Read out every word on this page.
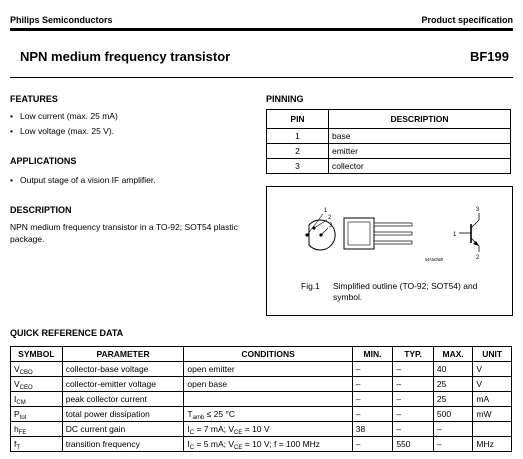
Philips Semiconductors	Product specification
NPN medium frequency transistor	BF199
FEATURES
• Low current (max. 25 mA)
• Low voltage (max. 25 V).
APPLICATIONS
• Output stage of a vision IF amplifier.
DESCRIPTION
NPN medium frequency transistor in a TO-92; SOT54 plastic package.
PINNING
PIN	DESCRIPTION
1	base
2	emitter
3	collector
1
2
3
MAM268
1
3
2
Fig.1 Simplified outline (TO-92; SOT54) and symbol.
QUICK REFERENCE DATA
SYMBOL	PARAMETER	CONDITIONS	MIN.	TYP.	MAX.	UNIT
$V_{CBO}$	collector-base voltage	open emitter	–	–	40	V
$V_{CEO}$	collector-emitter voltage	open base	–	–	25	V
$I_{CM}$	peak collector current		–	–	25	mA
$P_{tot}$	total power dissipation	$T_{amb} \le 25$ °C	–	–	500	mW
$h_{FE}$	DC current gain	$I_C = 7$ mA; $V_{CE} = 10$ V	38	–	–	
$f_T$	transition frequency	$I_C = 5$ mA; $V_{CE} = 10$ V; f = 100 MHz	–	550	–	MHz
